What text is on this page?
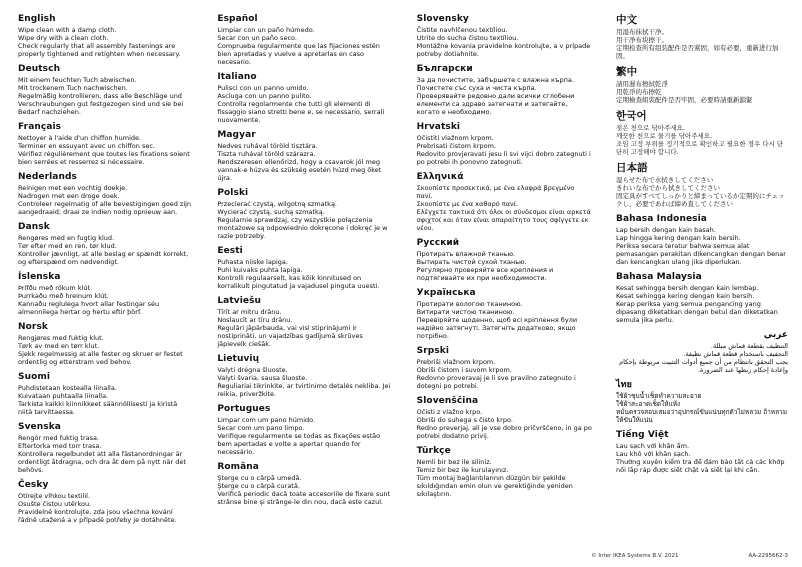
English

Wipe clean with a damp cloth.

Wipe dry with a clean cloth.

Check regularly that all assembly fastenings are properly tightened and retighten when necessary.

Deutsch

Mit einem feuchten Tuch abwischen.

Mit trockenem Tuch nachwischen.

Regelmäßig kontrollieren, dass alle Beschläge und Verschraubungen gut festgezogen sind und sie bei Bedarf nachziehen.

Français

Nettoyer à l'aide d'un chiffon humide.

Terminer en essuyant avec un chiffon sec.

Vérifiez régulièrement que toutes les fixations soient bien serrées et resserrez si nécessaire.

Nederlands

Reinigen met een vochtig doekje.

Nadrogen met een droge doek.

Controleer regelmatig of alle bevestigingen goed zijn aangedraaid; draai ze indien nodig opnieuw aan.

Dansk

Rengøres med en fugtig klud.

Tør efter med en ren, tør klud.

Kontroller jævnligt, at alle beslag er spændt korrekt, og efterspænd om nødvendigt.

Íslenska

Þrífðu með rökum klút.

Þurrkaðu með hreinum klút.

Kannaðu reglulega hvort allar festingar séu almennilega hertar og hertu eftir þörf.

Norsk

Rengjøres med fuktig klut.

Tørk av med en tørr klut.

Sjekk regelmessig at alle fester og skruer er festet ordentlig og etterstram ved behov.

Suomi

Puhdistetaan kostealla liinalla.

Kuivataan puhtaalla liinalla.

Tarkista kaikki kiinnikkeet säännöllisesti ja kiristä niitä tarvittaessa.

Svenska

Rengör med fuktig trasa.

Eftertorka med torr trasa.

Kontrollera regelbundet att alla fästanordningar är ordentligt åtdragna, och dra åt dem på nytt när det behövs.

Česky

Otírejte vlhkou textilií.

Osušte čistou utěrkou.

Pravidelně kontrolujte, zda jsou všechna kování řádně utažená a v případě potřeby je dotáhněte.

Español

Limpiar con un paño húmedo.

Secar con un paño seco.

Comprueba regularmente que las fijaciones estén bien apretadas y vuelve a apretarlas en caso necesario.

Italiano

Pulisci con un panno umido.

Asciuga con un panno pulito.

Controlla regolarmente che tutti gli elementi di fissaggio siano stretti bene e, se necessario, serrali nuovamente.

Magyar

Nedves ruhával töröld tisztára.

Tiszta ruhával töröld szárazra.

Rendszeresen ellenőrizd, hogy a csavarok jól meg vannak-e húzva és szükség esetén húzd meg őket újra.

Polski

Przecierać czystą, wilgotną szmatką.

Wycierać czystą, suchą szmatką.

Regularnie sprawdzaj, czy wszystkie połączenia montażowe są odpowiednio dokręcone i dokręć je w razie potrzeby.

Eesti

Puhasta niiske lapiga.

Puhi kuivaks puhta lapiga.

Kontrolli regulaarselt, kas kõik kinnitused on korralikult pingutatud ja vajadusel pinguta uuesti.

Latviešu

Tīrīt ar mitru drānu.

Noslaucīt ar tīru drānu.

Regulāri jāpārbauda, vai visi stiprinājumi ir nostiprināti, un vajadzības gadījumā skrūves jāpievelk ciešāk.

Lietuvių

Valyti drėgna šluoste.

Valyti švaria, sausa šluoste.

Reguliariai tikrinkite, ar tvirtinimo detalės nekliba. Jei reikia, priveržkite.

Portugues

Limpar com um pano húmido.

Secar com um pano limpo.

Verifique regularmente se todas as fixações estão bem apertadas e volte a apertar quando for necessário.

Româna

Şterge cu o cârpă umedă.

Şterge cu o cârpă curată.

Verifică periodic dacă toate accesoriile de fixare sunt strânse bine şi strânge-le din nou, dacă este cazul.

Slovensky

Čistite navhlčenou textíliou.

Utrite do sucha čistou textíliou.

Montážne kovania pravidelne kontrolujte, a v prípade potreby dotiahnite.

Български

За да почистите, забършете с влажна кърпа.

Почистете със суха и чиста кърпа.

Проверявайте редовно дали всички сглобени елементи са здраво затегнати и затягайте, когато е необходимо.

Hrvatski

Očistiti vlažnom krpom.

Prebrisati čistom krpom.

Redovito provjeravati jesu li svi vijci dobro zategnuti i po potrebi ih ponovno zategnuti.

Ελληνικά

Σκουπίστε προσεκτικά, με ένα ελαφρά βρεγμένο πανί.

Σκουπίστε με ένα καθαρό πανί.

Ελέγχετε τακτικά ότι όλοι οι σύνδεσμοι είναι αρκετά σφιχτοί και όταν είναι απαραίτητο τους σφίγγετε εκ νέου.

Русский

Протирать влажной тканью.

Вытирать чистой сухой тканью.

Регулярно проверяйте все крепления и подтягивайте их при необходимости.

Українська

Протирати вологою тканиною.

Витирати чистою тканиною.

Перевіряйте щоденно, щоб всі кріплення були надійно затягнуті. Затягніть додатково, якщо потрібно.

Srpski

Prebriši vlažnom krpom.

Obriši čistom i suvom krpom.

Redovno proveravaj je li sve pravilno zategnuto i dotegni po potrebi.

Slovenščina

Očisti z vlažno krpo.

Obriši do suhega s čisto krpo.

Redno preverjaj, ali je vse dobro pričvrščeno, in ga po potrebi dodatno privij.

Türkçe

Nemli bir bez ile siliniz.

Temiz bir bez ile kurulayınız.

Tüm montaj bağlantılarının düzgün bir şekilde sıkıldığından emin olun ve gerektiğinde yeniden sıkılaştırın.

中文

用湿布抹拭干净。

用干净布块擦干。

定期检查所有组装配件是否紧固，如有必要，重新进行加固。

繁中

請用濕布擦拭乾淨

用乾淨的布擦乾

定期檢查組裝配件是否牢固，必要時請重新鎖緊

한국어

젖은 천으로 닦아주세요.

깨끗한 천으로 물기를 닦아주세요.

조임 고정 부위를 정기적으로 확인하고 필요한 경우 다시 단단히 고정해야 합니다.

日本語

湿らせた布で水拭きしてください

きれいな布でから拭きしてください

固定具がすべてしっかりと締まっているか定期的にチェックし、必要であれば締め直してください

Bahasa Indonesia

Lap bersih dengan kain basah.

Lap hingga kering dengan kain bersih.

Periksa secara teratur bahwa semua alat pemasangan perakitan dikencangkan dengan benar dan kencangkan ulang jika diperlukan.

Bahasa Malaysia

Kesat sehingga bersih dengan kain lembap.

Kesat sehingga kering dengan kain bersih.

Kerap periksa yang semua pengancing yang dipasang diketatkan dengan betul dan diketatkan semula jika perlu.

عربي

التنظيف بقطعة قماش مبللة.

التجفيف باستخدام قطعة قماش نظيفة.

يجب التحقق بانتظام من أن جميع أدوات التثبيت مربوطة بإحكام وإعادة إحكام ربطها عند الضرورة.

ไทย

ใช้ผ้าชุบน้ำเช็ดทำความสะอาด

ใช้ผ้าสะอาดเช็ดให้แห้ง

หมั่นตรวจสอบเสมอว่าอุปกรณ์ขันแน่นทุกตัวไม่หลวม ถ้าหลวมให้ขันให้แน่น

Tiếng Việt

Lau sạch với khăn ẩm.

Lau khô với khăn sạch.

Thường xuyên kiểm tra để đảm bảo tất cả các khớp nối lắp ráp được siết chặt và siết lại khi cần.

© Inter IKEA Systems B.V. 2021	AA-2295662-3
